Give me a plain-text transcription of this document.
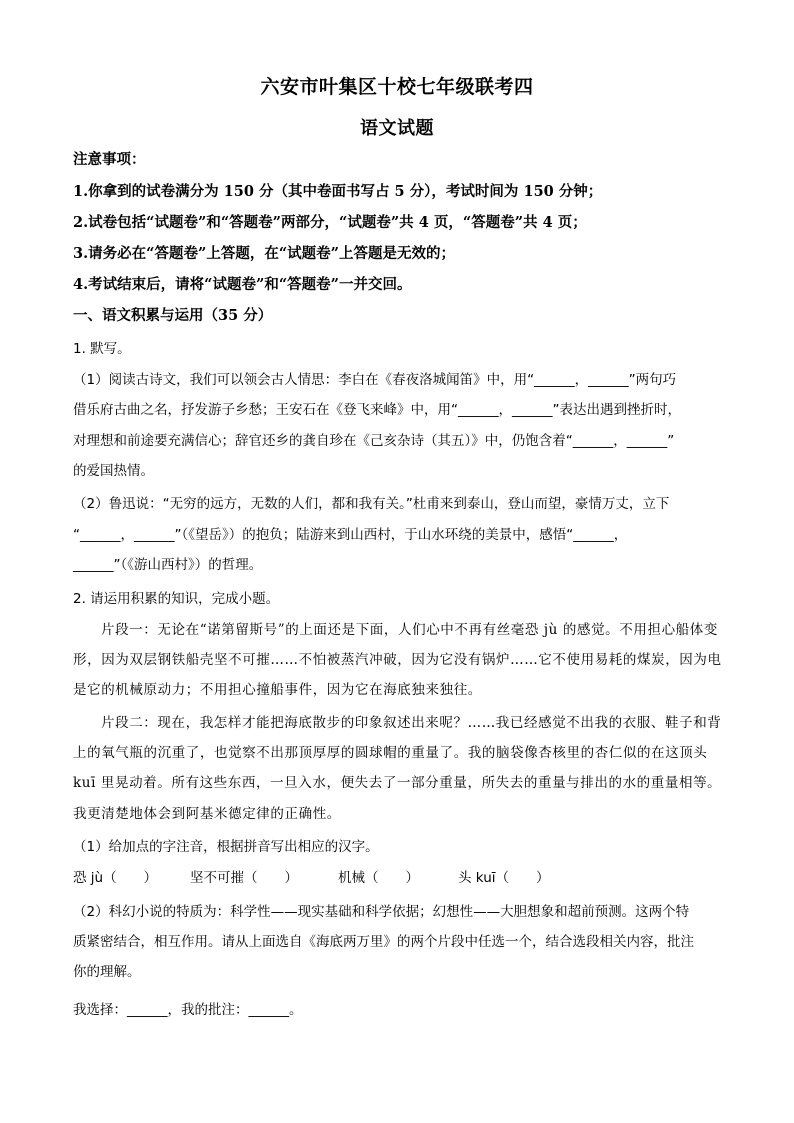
六安市叶集区十校七年级联考四
语文试题
注意事项：
1.你拿到的试卷满分为 150 分（其中卷面书写占 5 分），考试时间为 150 分钟；
2.试卷包括“试题卷”和“答题卷”两部分，“试题卷”共 4 页，“答题卷”共 4 页；
3.请务必在“答题卷”上答题，在“试题卷”上答题是无效的；
4.考试结束后，请将“试题卷”和“答题卷”一并交回。
一、语文积累与运用（35 分）
1. 默写。
（1）阅读古诗文，我们可以领会古人情思：李白在《春夜洛城闻笛》中，用“______，______”两句巧
借乐府古曲之名，抒发游子乡愁；王安石在《登飞来峰》中，用“______，______”表达出遇到挫折时，
对理想和前途要充满信心；辞官还乡的龚自珍在《己亥杂诗（其五）》中，仍饱含着“______，______”
的爱国热情。
（2）鲁迅说：“无穷的远方，无数的人们，都和我有关。”杜甫来到泰山，登山而望，豪情万丈，立下
“______，______”（《望岳》）的抱负；陆游来到山西村，于山水环绕的美景中，感悟“______，
______”（《游山西村》）的哲理。
2. 请运用积累的知识，完成小题。
片段一：无论在“诺第留斯号”的上面还是下面，人们心中不再有丝毫恐 jù 的感觉。不用担心船体变
形，因为双层钢铁船壳坚不可摧……不怕被蒸汽冲破，因为它没有锅炉……它不使用易耗的煤炭，因为电
是它的机械原动力；不用担心撞船事件，因为它在海底独来独往。
片段二：现在，我怎样才能把海底散步的印象叙述出来呢？……我已经感觉不出我的衣服、鞋子和背
上的氧气瓶的沉重了，也觉察不出那顶厚厚的圆球帽的重量了。我的脑袋像杏核里的杏仁似的在这顶头
kuī 里晃动着。所有这些东西，一旦入水，便失去了一部分重量，所失去的重量与排出的水的重量相等。
我更清楚地体会到阿基米德定律的正确性。
（1）给加点的字注音，根据拼音写出相应的汉字。
恐 jù（　　） 坚不可摧（　　）	机械（　　）	头 kuī（　　）
（2）科幻小说的特质为：科学性——现实基础和科学依据；幻想性——大胆想象和超前预测。这两个特
质紧密结合，相互作用。请从上面选自《海底两万里》的两个片段中任选一个，结合选段相关内容，批注
你的理解。
我选择：______，我的批注：______。
